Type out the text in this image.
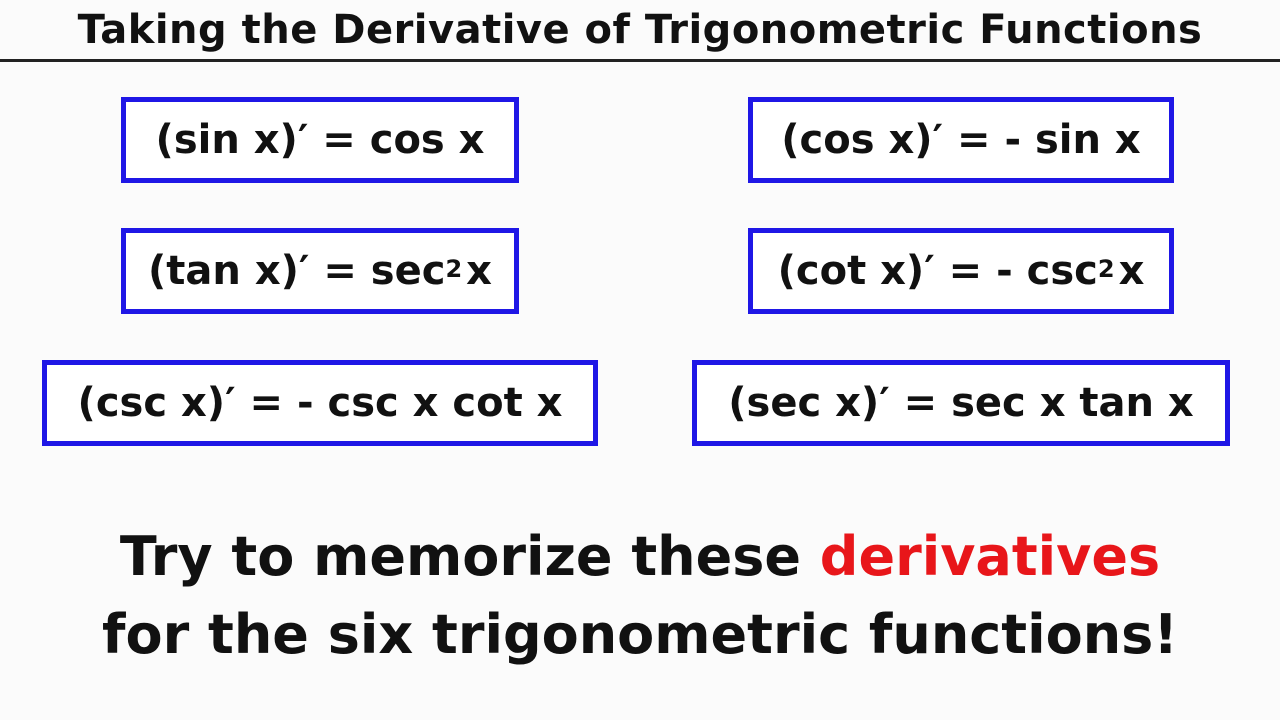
Taking the Derivative of Trigonometric Functions
(sin x)′ = cos x	(cos x)′ = - sin x
(tan $x)' = \sec^2 x$	(cot x)′ = - $\csc^2 x$
(csc x)′ = - csc x cot x	(sec x)′ = sec x tan x
Try to memorize these derivatives
for the six trigonometric functions!
